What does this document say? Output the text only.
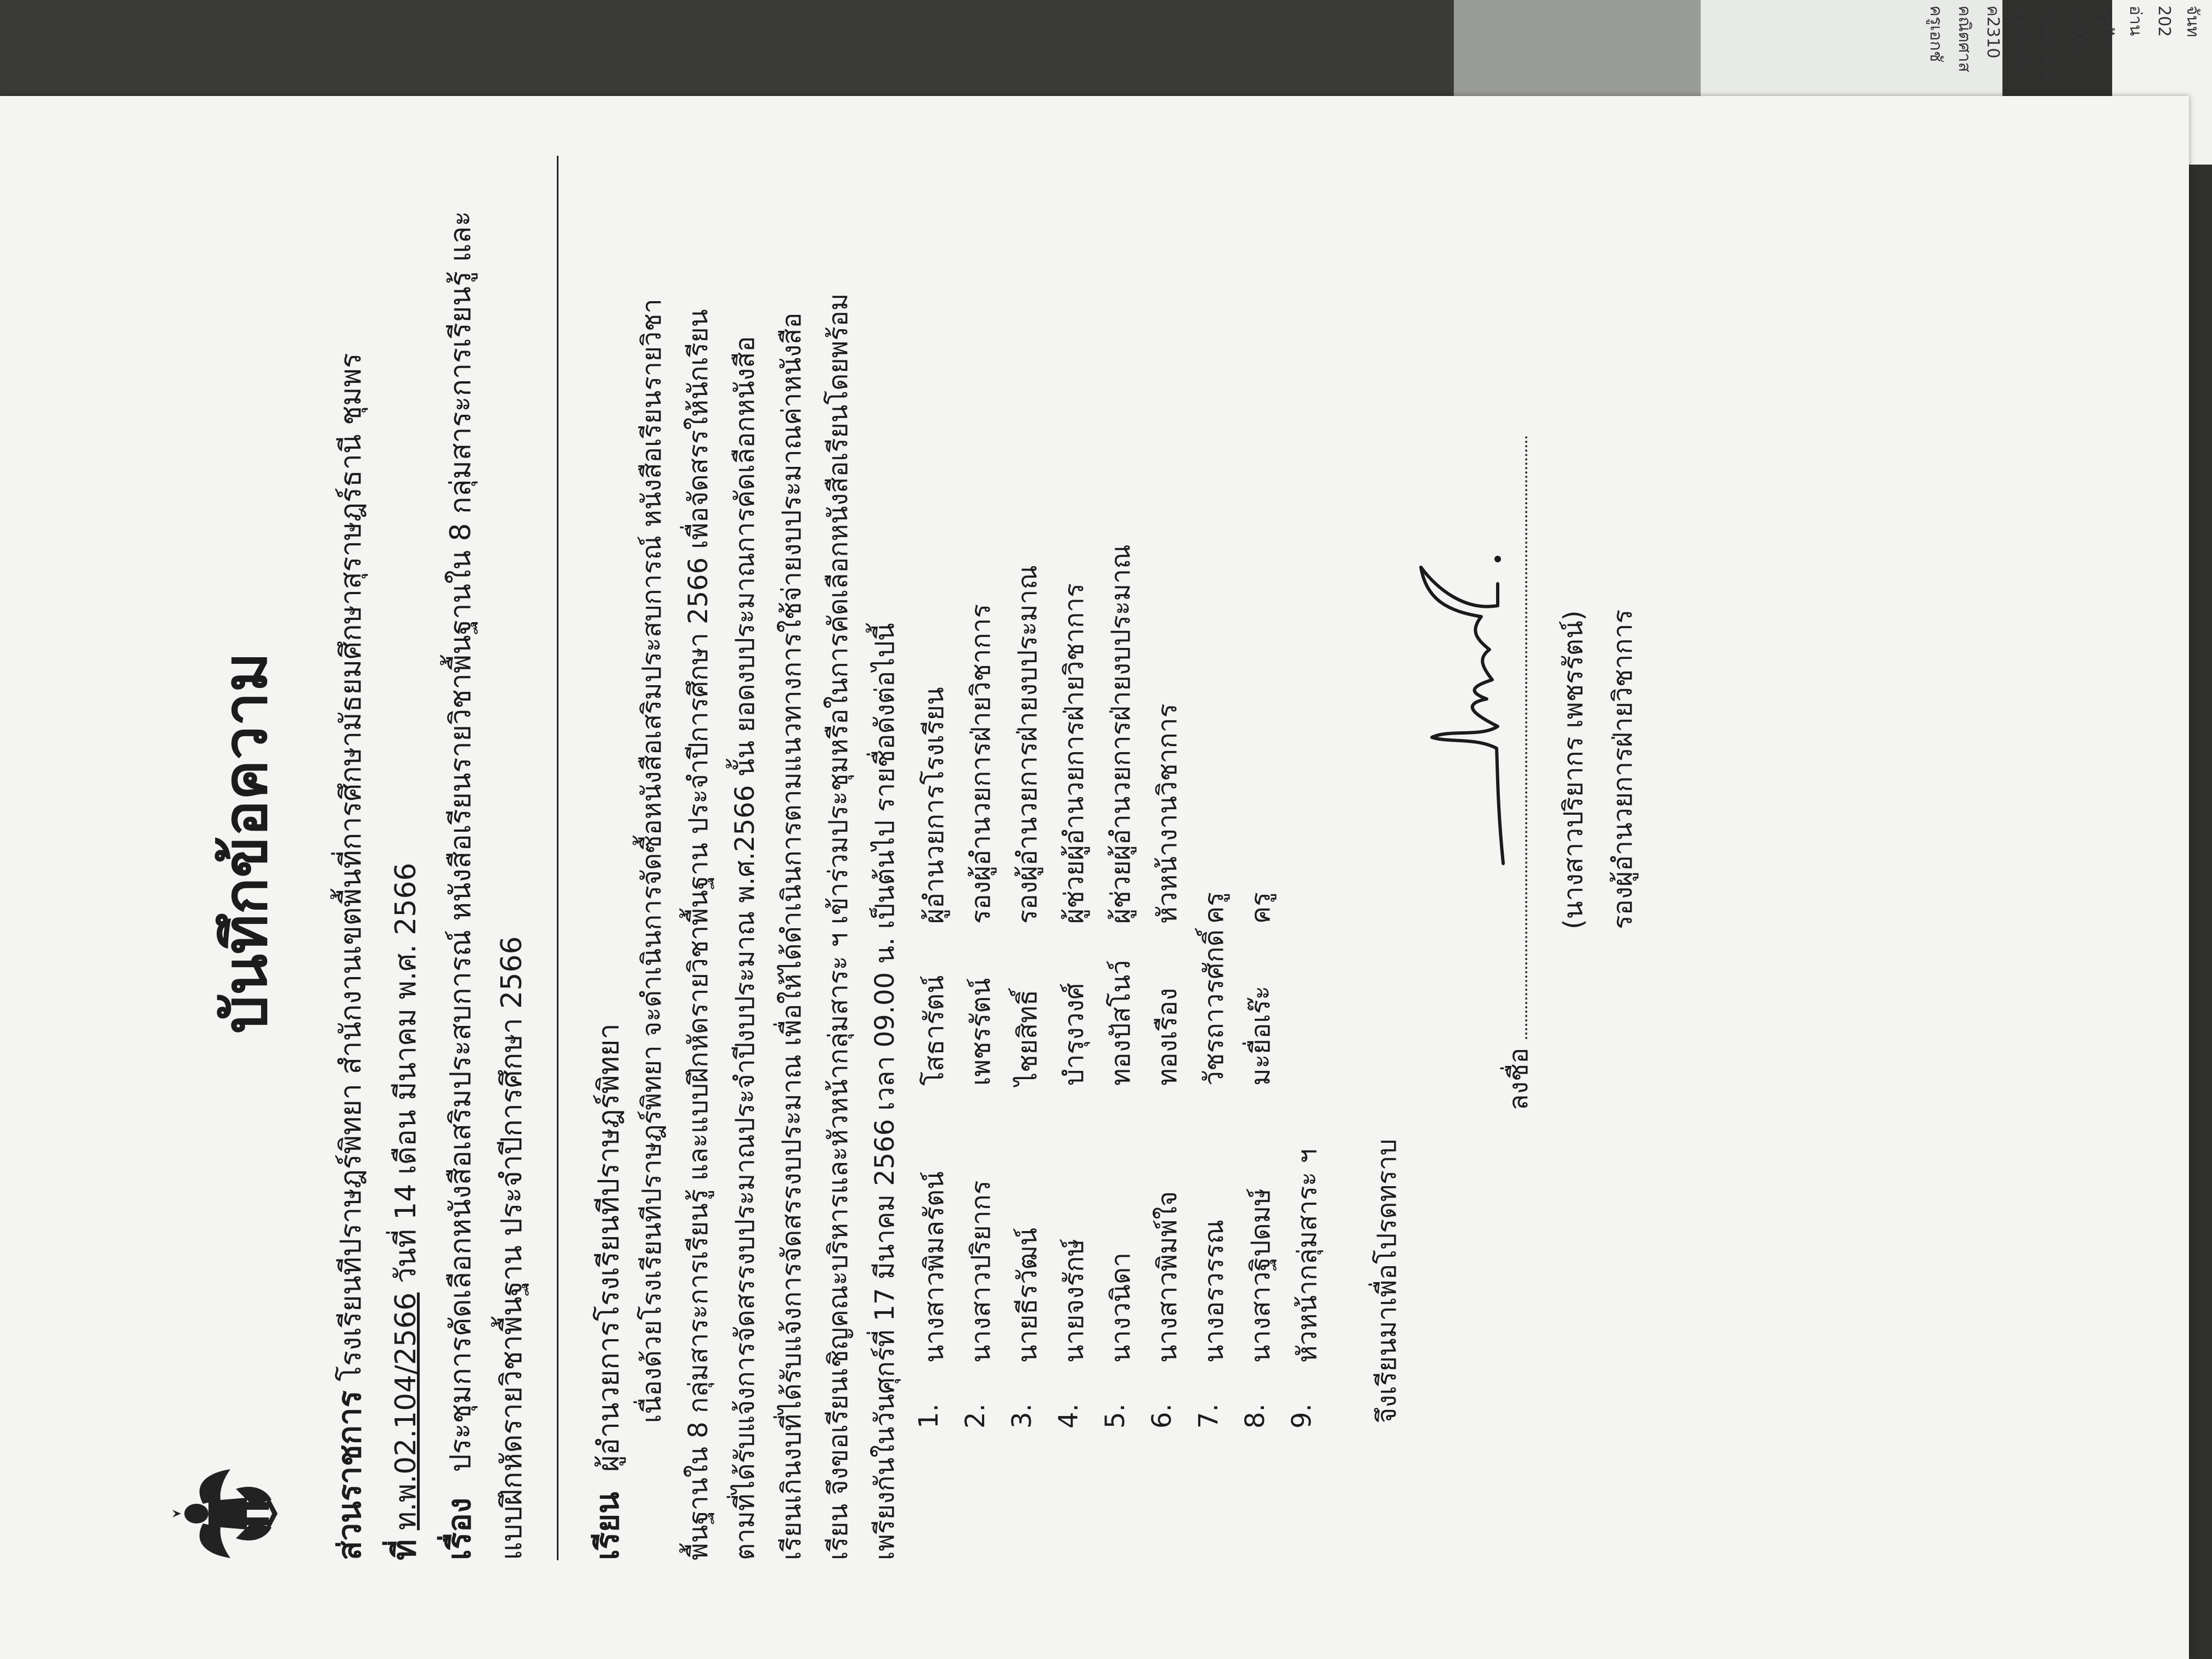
จันท
202
อ่าน
ครูปัจ
อ 202
กลุ่มผู้เรียน
ครูประจำ
ค2310
คณิตศาส
ครูเอกชั
บันทึกข้อความ
ส่วนราชการ โรงเรียนทีปราษฎร์พิทยา สำนักงานเขตพื้นที่การศึกษามัธยมศึกษาสุราษฎร์ธานี ชุมพร
ที่ ท.พ.02.104/2566 วันที่ 14 เดือน มีนาคม พ.ศ. 2566
เรื่อง ประชุมการคัดเลือกหนังสือเสริมประสบการณ์ หนังสือเรียนรายวิชาพื้นฐานใน 8 กลุ่มสาระการเรียนรู้ และ แบบฝึกหัดรายวิชาพื้นฐาน ประจำปีการศึกษา 2566 เรียน ผู้อำนวยการโรงเรียนทีปราษฎร์พิทยา เนื่องด้วยโรงเรียนทีปราษฎร์พิทยา จะดำเนินการจัดซื้อหนังสือเสริมประสบการณ์ หนังสือเรียนรายวิชา พื้นฐานใน 8 กลุ่มสาระการเรียนรู้ และแบบฝึกหัดรายวิชาพื้นฐาน ประจำปีการศึกษา 2566 เพื่อจัดสรรให้นักเรียน ตามที่ได้รับแจ้งการจัดสรรงบประมาณประจำปีงบประมาณ พ.ศ.2566 นั้น ยอดงบประมาณการคัดเลือกหนังสือ เรียนเกินงบที่ได้รับแจ้งการจัดสรรงบประมาณ เพื่อให้ได้ดำเนินการตามแนวทางการใช้จ่ายงบประมาณค่าหนังสือ เรียน จึงขอเรียนเชิญคณะบริหารและหัวหน้ากลุ่มสาระ ฯ เข้าร่วมประชุมหรือในการคัดเลือกหนังสือเรียนโดยพร้อม เพรียงกันในวันศุกร์ที่ 17 มีนาคม 2566 เวลา 09.00 น. เป็นต้นไป รายชื่อดังต่อไปนี้ 1.
นางสาวพิมลรัตน์
โสธารัตน์
ผู้อำนวยการโรงเรียน
2.
นางสาวปริยากร
เพชรรัตน์
รองผู้อำนวยการฝ่ายวิชาการ
3.
นายธีรวัฒน์
ไชยสิทธิ์
รองผู้อำนวยการฝ่ายงบประมาณ
4.
นายจงรักษ์
บำรุงวงศ์
ผู้ช่วยผู้อำนวยการฝ่ายวิชาการ
5.
นางวนิดา
ทองปัสโนว์
ผู้ช่วยผู้อำนวยการฝ่ายงบประมาณ
6.
นางสาวพิมพ์ใจ
ทองเรือง
หัวหน้างานวิชาการ
7.
นางอรวรรณ
วัชรถาวรศักดิ์
ครู
8.
นางสาวฐิปดมษ์
มะยื่อเร๊ะ
ครู
9.
หัวหน้ากลุ่มสาระ ฯ จึงเรียนมาเพื่อโปรดทราบ
ลงชื่อ
(นางสาวปริยากร เพชรรัตน์) รองผู้อำนวยการฝ่ายวิชาการ
